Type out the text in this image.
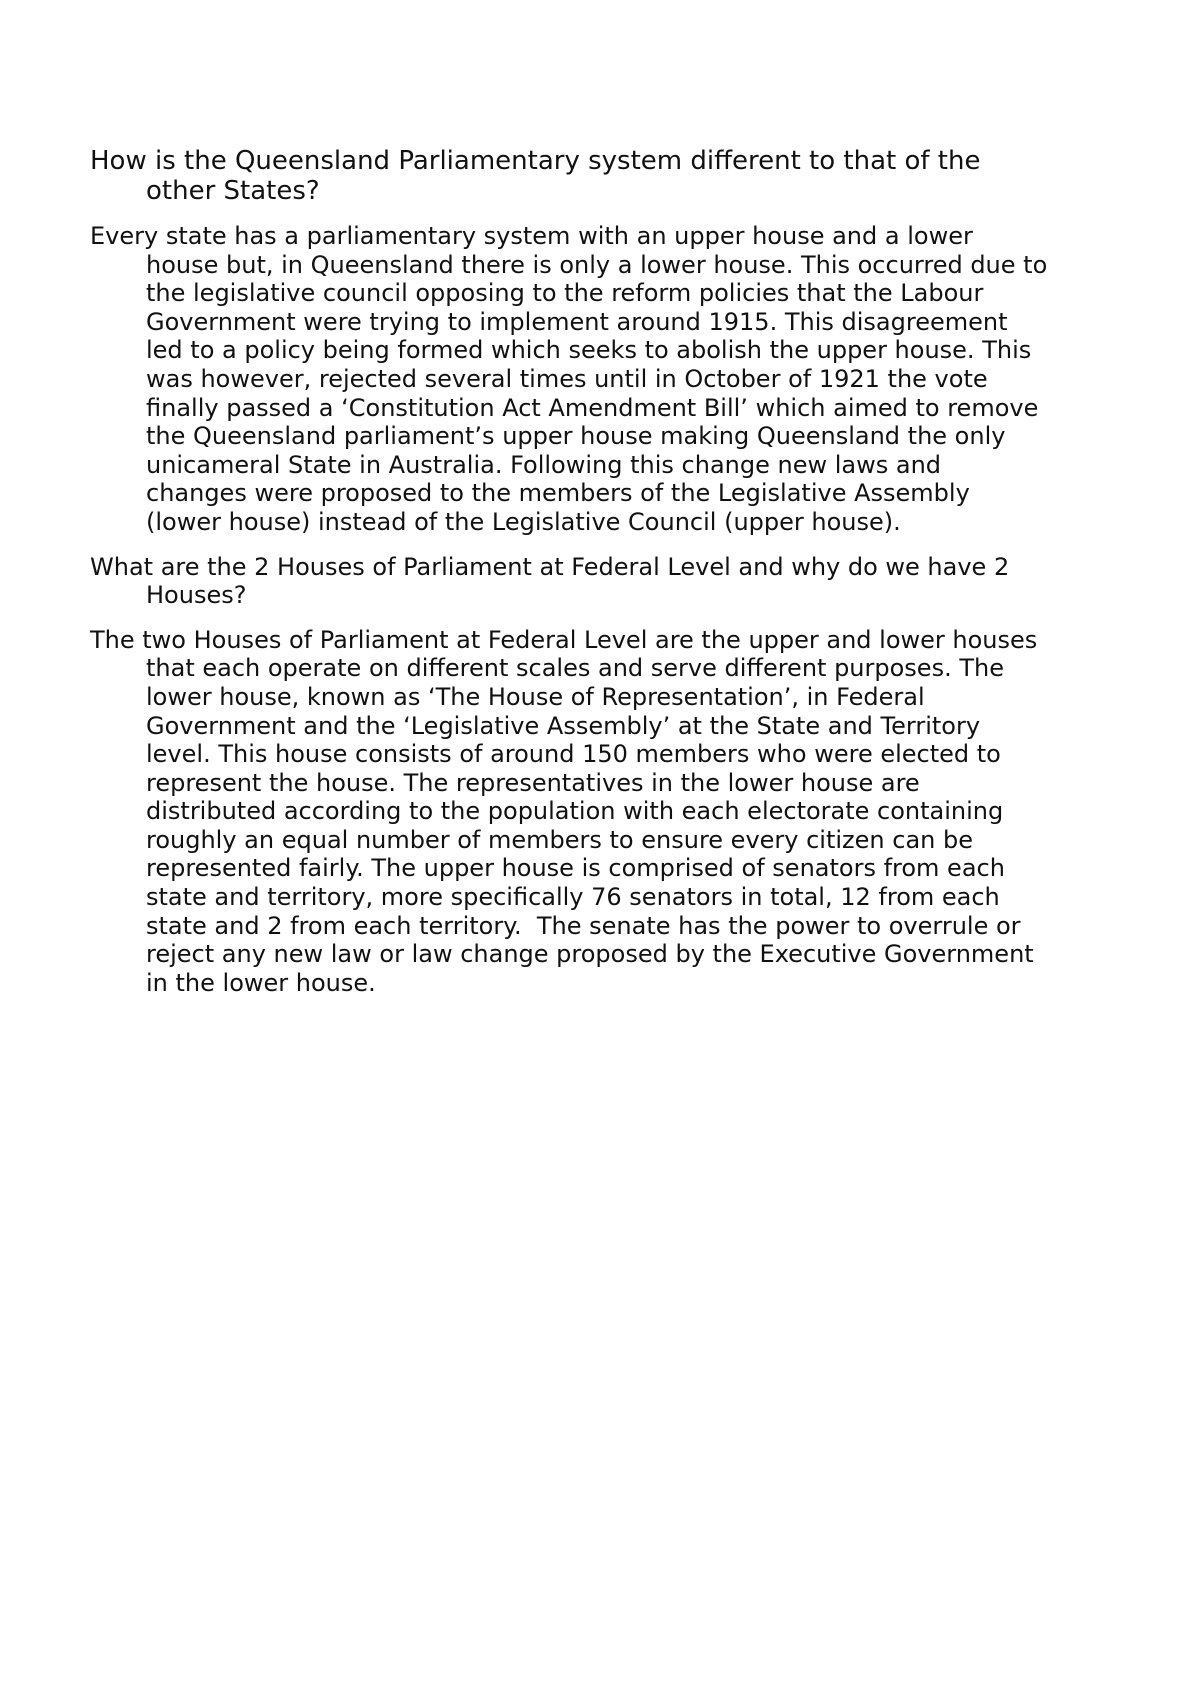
How is the Queensland Parliamentary system different to that of the
other States?

Every state has a parliamentary system with an upper house and a lower
house but, in Queensland there is only a lower house. This occurred due to
the legislative council opposing to the reform policies that the Labour
Government were trying to implement around 1915. This disagreement
led to a policy being formed which seeks to abolish the upper house. This
was however, rejected several times until in October of 1921 the vote
finally passed a ‘Constitution Act Amendment Bill’ which aimed to remove
the Queensland parliament’s upper house making Queensland the only
unicameral State in Australia. Following this change new laws and
changes were proposed to the members of the Legislative Assembly
(lower house) instead of the Legislative Council (upper house).

What are the 2 Houses of Parliament at Federal Level and why do we have 2
Houses?

The two Houses of Parliament at Federal Level are the upper and lower houses
that each operate on different scales and serve different purposes. The
lower house, known as ‘The House of Representation’, in Federal
Government and the ‘Legislative Assembly’ at the State and Territory
level. This house consists of around 150 members who were elected to
represent the house. The representatives in the lower house are
distributed according to the population with each electorate containing
roughly an equal number of members to ensure every citizen can be
represented fairly. The upper house is comprised of senators from each
state and territory, more specifically 76 senators in total, 12 from each
state and 2 from each territory.  The senate has the power to overrule or
reject any new law or law change proposed by the Executive Government
in the lower house.
